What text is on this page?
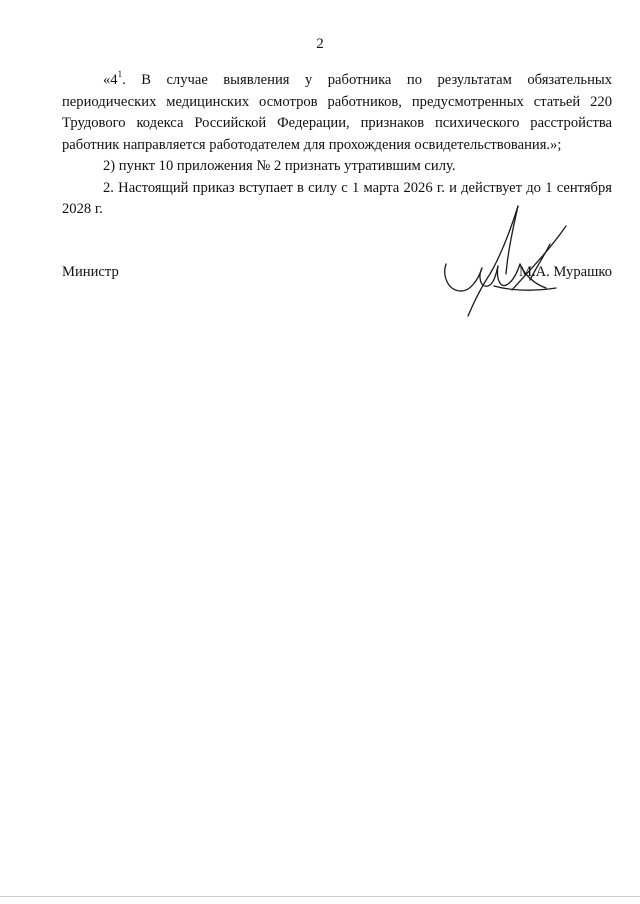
2

«$4^1$. В случае выявления у работника по результатам обязательных периодических медицинских осмотров работников, предусмотренных статьей 220 Трудового кодекса Российской Федерации, признаков психического расстройства работник направляется работодателем для прохождения освидетельствования.»;

2) пункт 10 приложения № 2 признать утратившим силу.

2. Настоящий приказ вступает в силу с 1 марта 2026 г. и действует до 1 сентября 2028 г.

Министр	М.А. Мурашко
